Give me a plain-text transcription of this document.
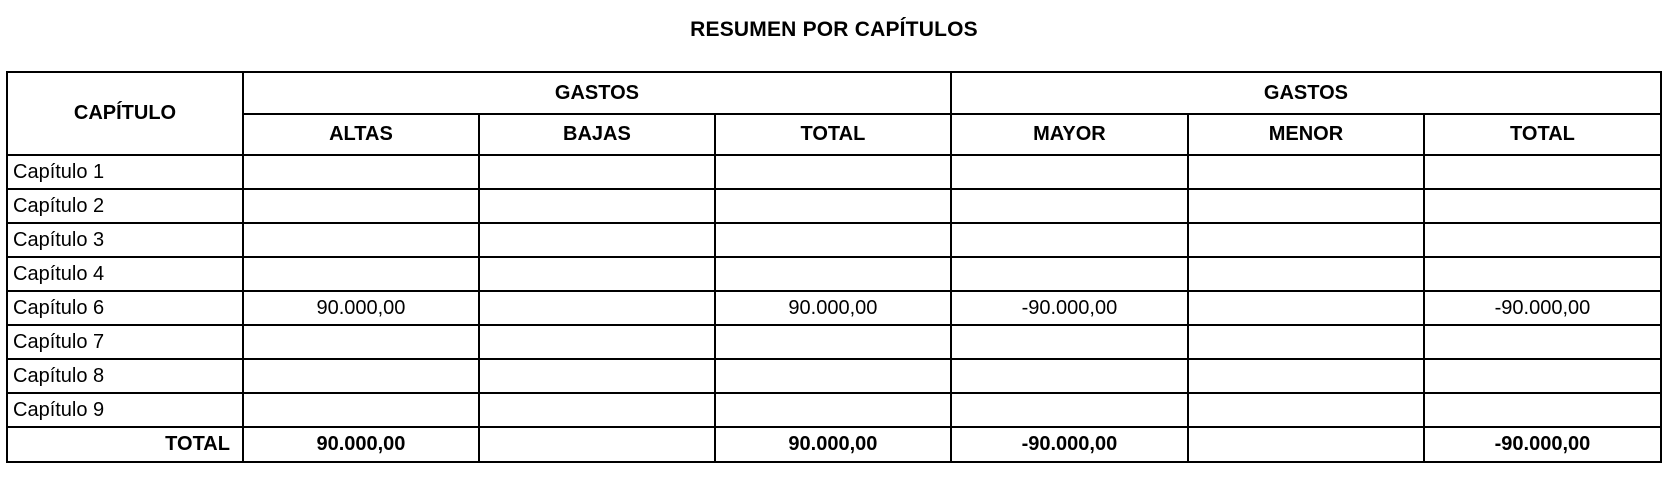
RESUMEN POR CAPÍTULOS
CAPÍTULO	GASTOS			GASTOS		
	ALTAS	BAJAS	TOTAL	MAYOR	MENOR	TOTAL
Capítulo 1						
Capítulo 2						
Capítulo 3						
Capítulo 4						
Capítulo 6	90.000,00		90.000,00	-90.000,00		-90.000,00
Capítulo 7						
Capítulo 8						
Capítulo 9						
TOTAL	90.000,00		90.000,00	-90.000,00		-90.000,00
